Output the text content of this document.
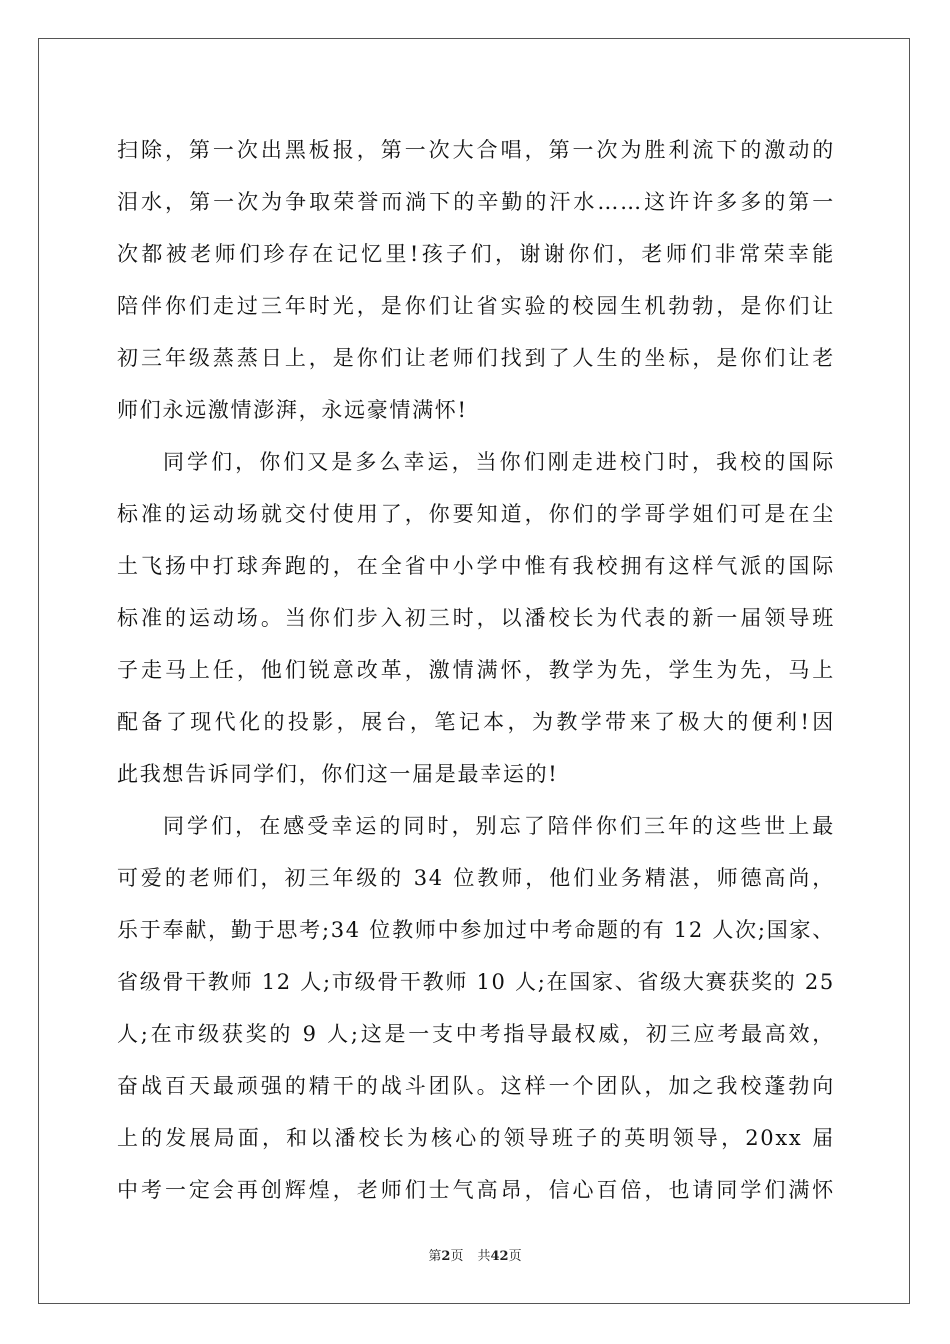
扫除，第一次出黑板报，第一次大合唱，第一次为胜利流下的激动的
泪水，第一次为争取荣誉而淌下的辛勤的汗水……这许许多多的第一
次都被老师们珍存在记忆里!孩子们，谢谢你们，老师们非常荣幸能
陪伴你们走过三年时光，是你们让省实验的校园生机勃勃，是你们让
初三年级蒸蒸日上，是你们让老师们找到了人生的坐标，是你们让老
师们永远激情澎湃，永远豪情满怀!
同学们，你们又是多么幸运，当你们刚走进校门时，我校的国际
标准的运动场就交付使用了，你要知道，你们的学哥学姐们可是在尘
土飞扬中打球奔跑的，在全省中小学中惟有我校拥有这样气派的国际
标准的运动场。当你们步入初三时，以潘校长为代表的新一届领导班
子走马上任，他们锐意改革，激情满怀，教学为先，学生为先，马上
配备了现代化的投影，展台，笔记本，为教学带来了极大的便利!因
此我想告诉同学们，你们这一届是最幸运的!
同学们，在感受幸运的同时，别忘了陪伴你们三年的这些世上最
可爱的老师们，初三年级的 34 位教师，他们业务精湛，师德高尚，
乐于奉献，勤于思考;34 位教师中参加过中考命题的有 12 人次;国家、
省级骨干教师 12 人;市级骨干教师 10 人;在国家、省级大赛获奖的 25
人;在市级获奖的 9 人;这是一支中考指导最权威，初三应考最高效，
奋战百天最顽强的精干的战斗团队。这样一个团队，加之我校蓬勃向
上的发展局面，和以潘校长为核心的领导班子的英明领导，20xx 届
中考一定会再创辉煌，老师们士气高昂，信心百倍，也请同学们满怀
第2页 共42页
